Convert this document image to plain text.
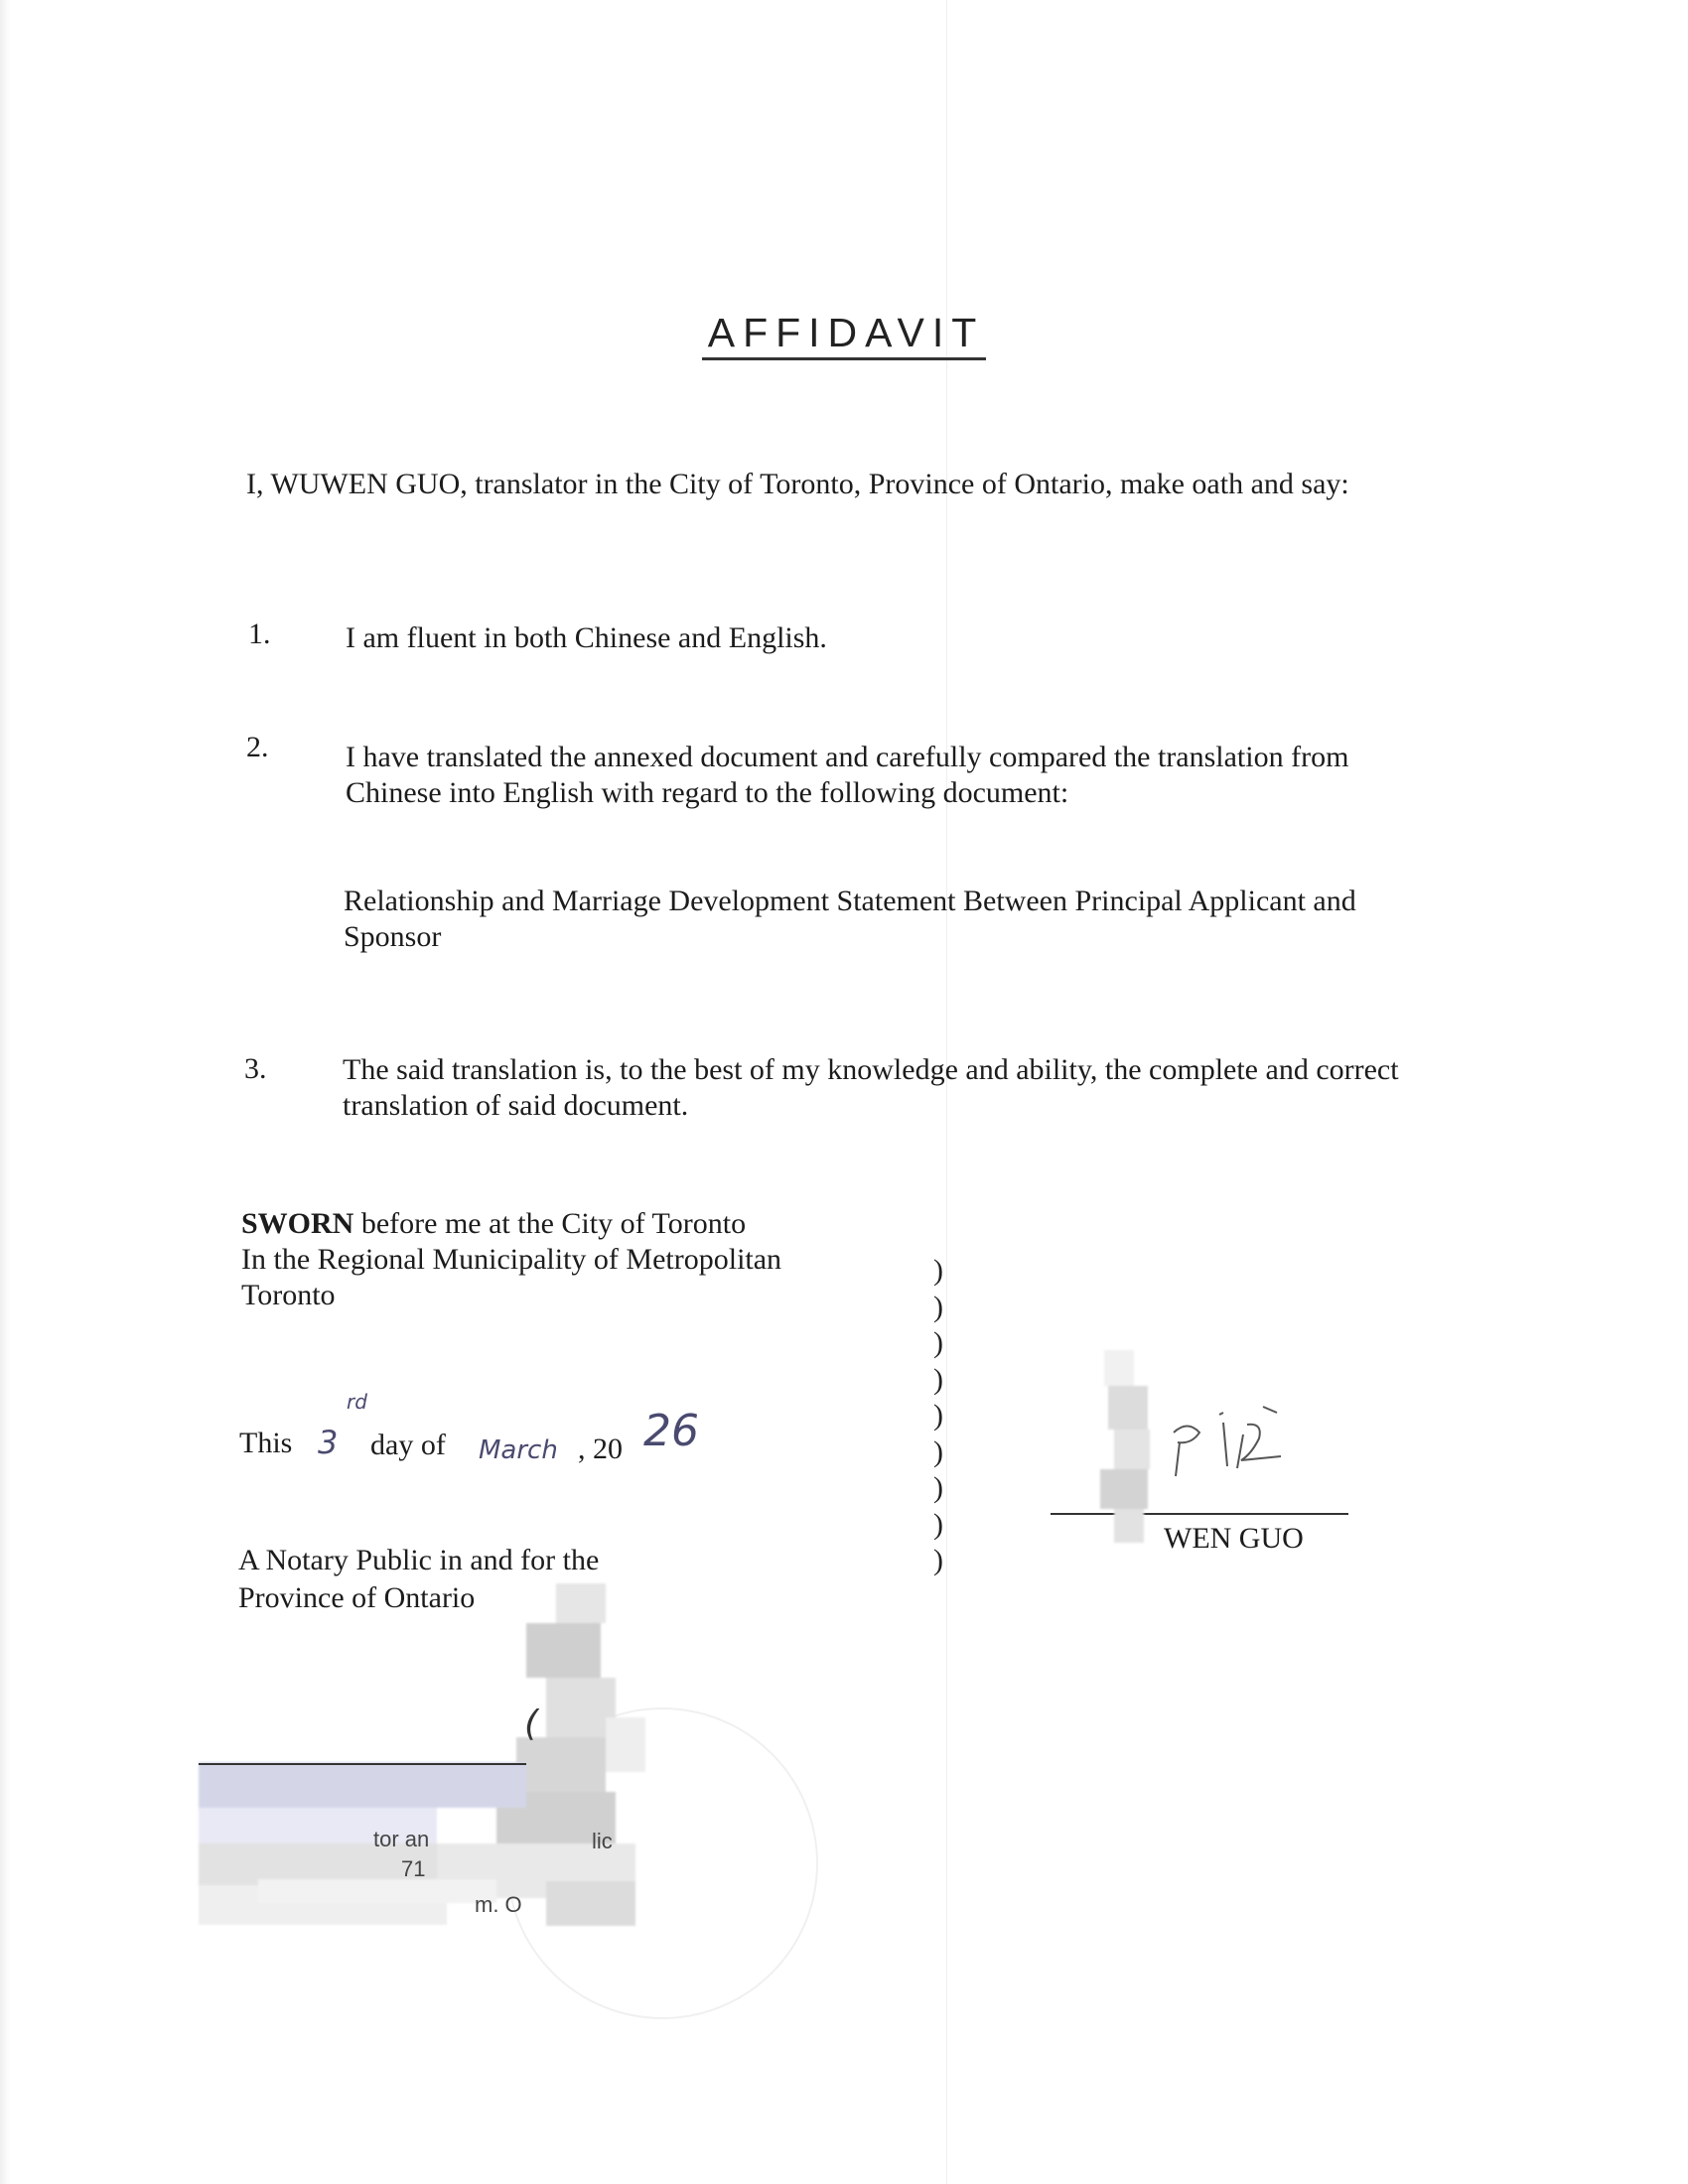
AFFIDAVIT
I, WUWEN GUO, translator in the City of Toronto, Province of Ontario, make oath and say:
1.	I am fluent in both Chinese and English.
2.	I have translated the annexed document and carefully compared the translation from Chinese into English with regard to the following document:
Relationship and Marriage Development Statement Between Principal Applicant and Sponsor
3.	The said translation is, to the best of my knowledge and ability, the complete and correct translation of said document.
SWORN before me at the City of Toronto
In the Regional Municipality of Metropolitan
Toronto
)
)
)
)
)
)
)
)
)
This 3
rd
day of March , 20 26
A Notary Public in and for the
Province of Ontario
WEN GUO
(
tor an	lic
71
m. O
